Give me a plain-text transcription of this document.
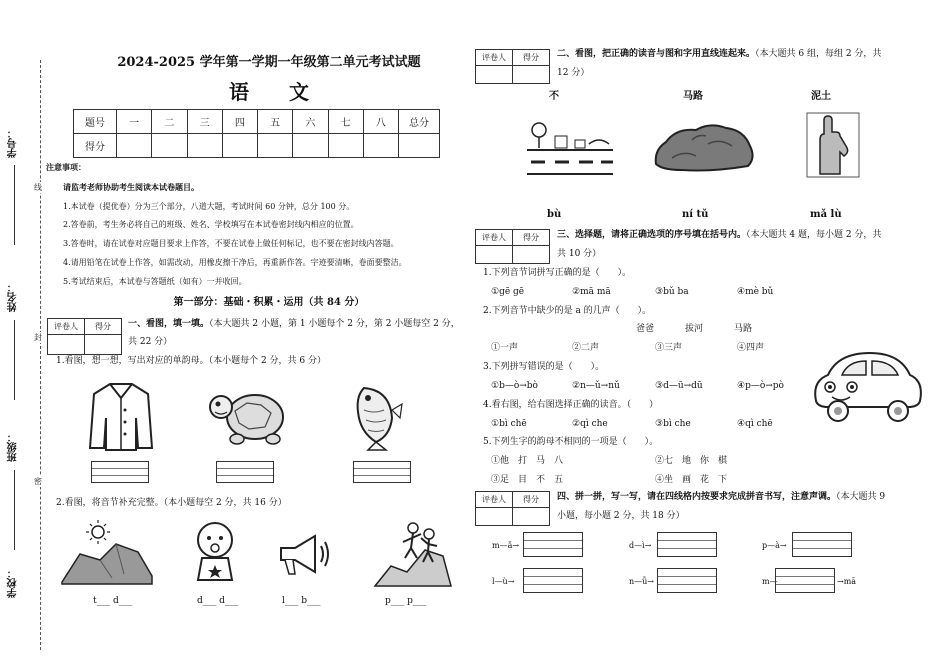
学号：
姓名：
班级：
学校：
线
封
密
2024-2025 学年第一学期一年级第二单元考试试题
语　　文
题号	一	二	三	四	五	六	七	八	总分
得分									
注意事项：
请监考老师协助考生阅读本试卷题目。
1.本试卷（提优卷）分为三个部分，八道大题，考试时间 60 分钟，总分 100 分。
2.答卷前，考生务必将自己的班级、姓名、学校填写在本试卷密封线内相应的位置。
3.答卷时，请在试卷对应题目要求上作答，不要在试卷上做任何标记，也不要在密封线内答题。
4.请用铅笔在试卷上作答，如需改动，用橡皮擦干净后，再重新作答。字迹要清晰，卷面要整洁。
5.考试结束后，本试卷与答题纸（如有）一并收回。
第一部分：基础・积累・运用（共 84 分）
评卷人	得分
	一、看图，填一填。（本大题共 2 小题，第 1 小题每个 2 分，第 2 小题每空 2 分，
共 22 分）
1.看图，想一想，写出对应的单韵母。（本小题每个 2 分，共 6 分）
2.看图，将音节补充完整。（本小题每空 2 分，共 16 分）
t___ d___	d___ d___	l___ b___	p___ p___
评卷人	得分
	二、看图，把正确的读音与图和字用直线连起来。（本大题共 6 组，每组 2 分，共
12 分）
不	马路	泥土
bù	ní tǔ	mǎ lù
评卷人	得分
	三、选择题，请将正确选项的序号填在括号内。（本大题共 4 题，每小题 2 分，共
共 10 分）
1.下列音节词拼写正确的是（　　）。
①gē gē	②mā mā	③bǔ ba	④mè bǔ
2.下列音节中缺少的是 a 的几声（　　）。
爸爸	拔河	马路
①一声	②二声	③三声	④四声
3.下列拼写错误的是（　　）。
①b—ò→bò	②n—ǔ→nǔ	③d—ū→dū	④p—ò→pò
4.看右图，给右图选择正确的读音。（　　）
①bì chē	②qì che	③bì che	④qì chē
5.下列生字的韵母不相同的一项是（　　）。
①他　打　马　八	②七　地　你　棋
③足　目　不　五	④坐　画　花　下
评卷人	得分
	四、拼一拼，写一写，请在四线格内按要求完成拼音书写，注意声调。（本大题共 9
小题，每小题 2 分，共 18 分）
m—ǎ→	d—ì→	p—à→
l—ù→	n—ǚ→	m—	→mā
